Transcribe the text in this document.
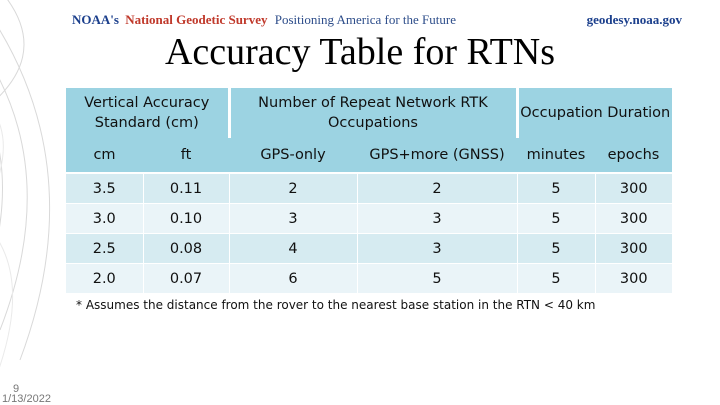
NOAA's National Geodetic Survey Positioning America for the Future	geodesy.noaa.gov
Accuracy Table for RTNs
Vertical Accuracy Standard (cm)		Number of Repeat Network RTK Occupations		Occupation Duration	
cm	ft	GPS-only	GPS+more (GNSS)	minutes	epochs
3.5	0.11	2	2	5	300
3.0	0.10	3	3	5	300
2.5	0.08	4	3	5	300
2.0	0.07	6	5	5	300
* Assumes the distance from the rover to the nearest base station in the RTN < 40 km
9
1/13/2022
